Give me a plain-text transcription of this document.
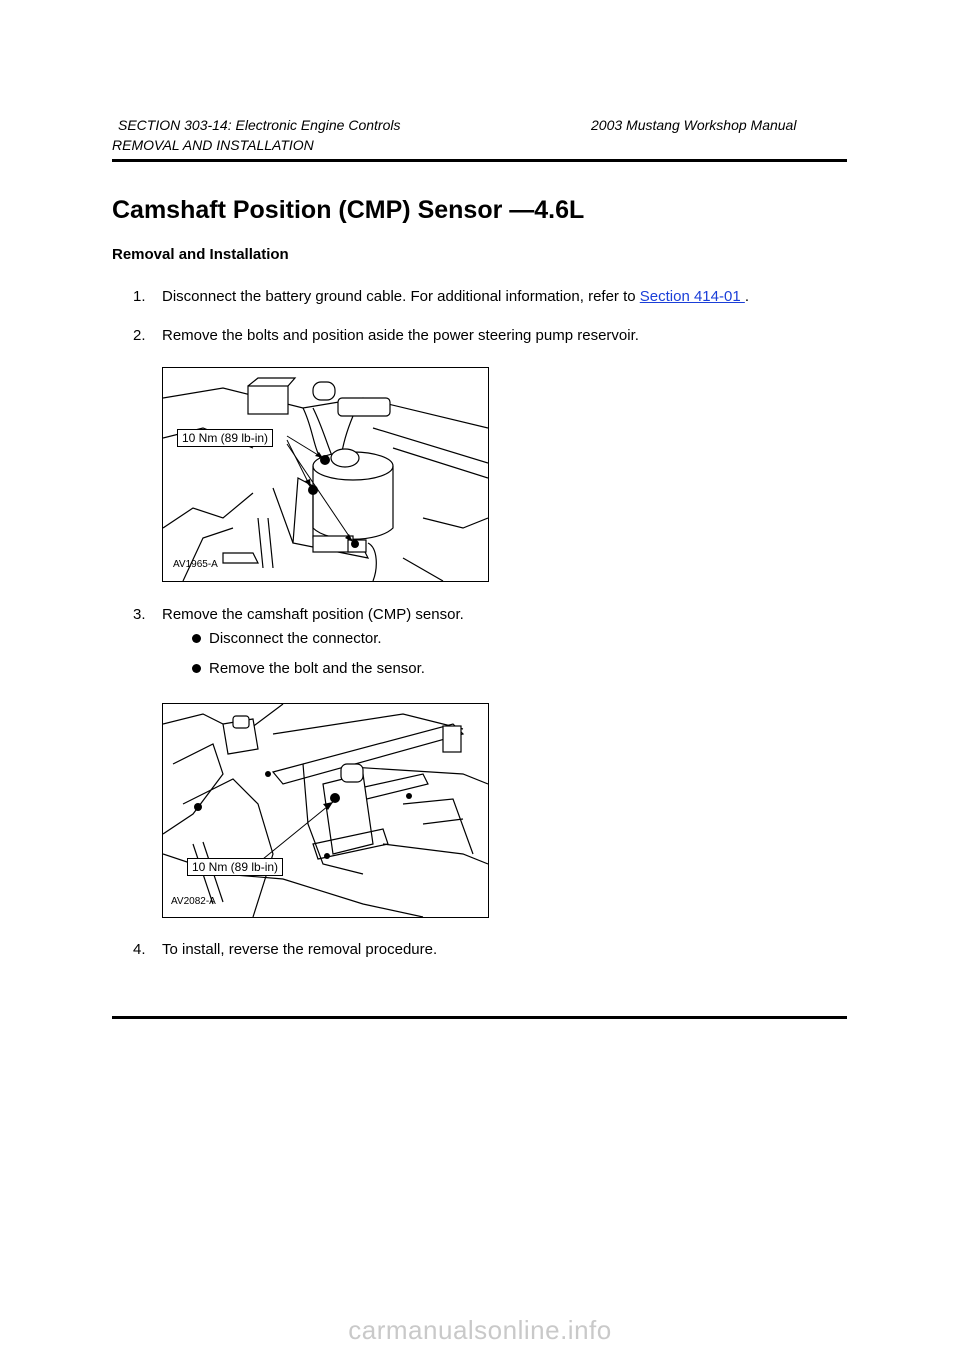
SECTION 303-14: Electronic Engine Controls	2003 Mustang Workshop Manual
REMOVAL AND INSTALLATION
Camshaft Position (CMP) Sensor —4.6L
Removal and Installation
1. Disconnect the battery ground cable. For additional information, refer to Section 414-01 .
2. Remove the bolts and position aside the power steering pump reservoir.
10 Nm (89 lb-in)
AV1965-A
3. Remove the camshaft position (CMP) sensor.
Disconnect the connector.
Remove the bolt and the sensor.
10 Nm (89 lb-in)
AV2082-A
4. To install, reverse the removal procedure.
carmanualsonline.info
